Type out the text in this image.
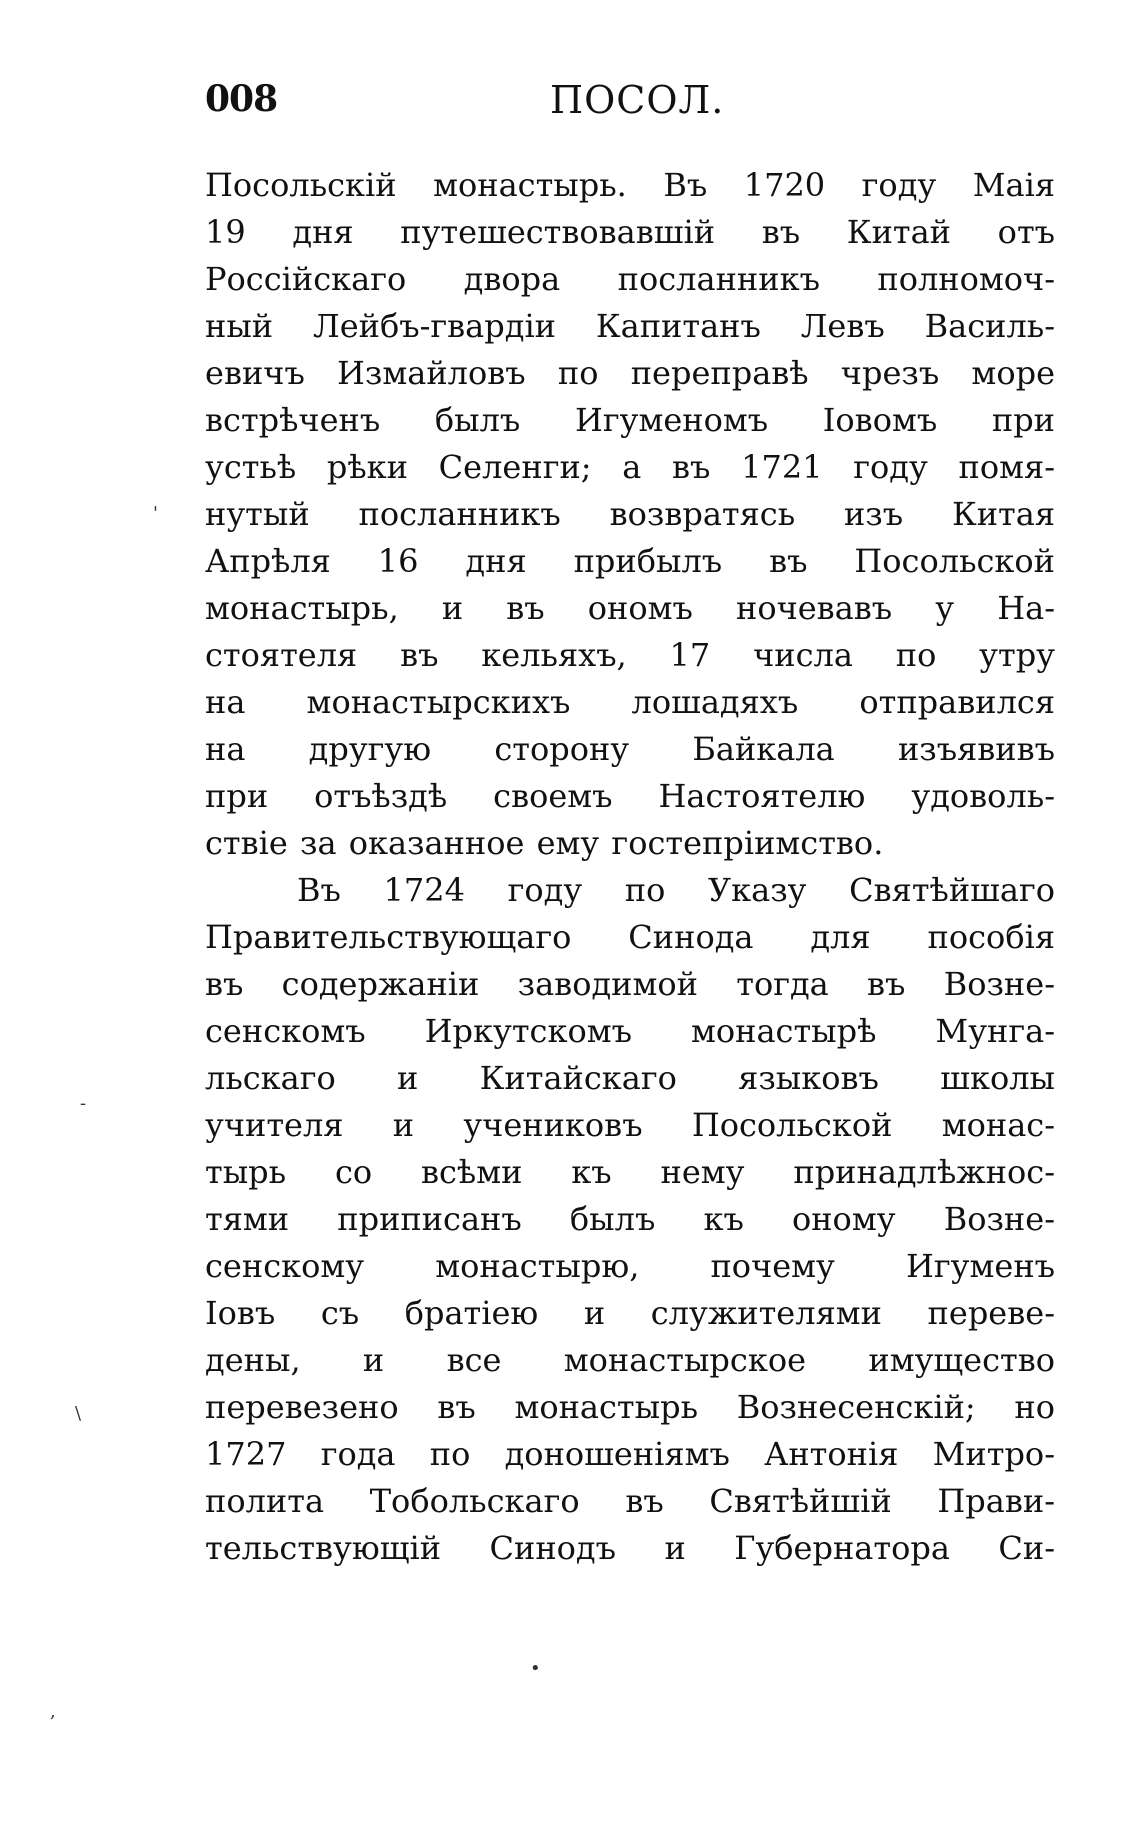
008	ПОСОЛ.
Посольскій монастырь. Въ 1720 году Маія
19 дня путешествовавшій въ Китай отъ
Россійскаго двора посланникъ полномоч-
ный Лейбъ-гвардіи Капитанъ Левъ Василь-
евичъ Измайловъ по переправѣ чрезъ море
встрѣченъ былъ Игуменомъ Іовомъ при
устьѣ рѣки Селенги; а въ 1721 году помя-
нутый посланникъ возвратясь изъ Китая
Апрѣля 16 дня прибылъ въ Посольской
монастырь, и въ ономъ ночевавъ у На-
стоятеля въ кельяхъ, 17 числа по утру
на монастырскихъ лошадяхъ отправился
на другую сторону Байкала изъявивъ
при отъѣздѣ своемъ Настоятелю удоволь-
ствіе за оказанное ему гостепріимство.
Въ 1724 году по Указу Святѣйшаго
Правительствующаго Синода для пособія
въ содержаніи заводимой тогда въ Возне-
сенскомъ Иркутскомъ монастырѣ Мунга-
льскаго и Китайскаго языковъ школы
учителя и учениковъ Посольской монас-
тырь со всѣми къ нему принадлѣжнос-
тями приписанъ былъ къ оному Возне-
сенскому монастырю, почему Игуменъ
Іовъ съ братіею и служителями переве-
дены, и все монастырское имущество
перевезено въ монастырь Вознесенскій; но
1727 года по доношеніямъ Антонія Митро-
полита Тобольскаго въ Святѣйшій Прави-
тельствующій Синодъ и Губернатора Си-
'
-
\
•
,
